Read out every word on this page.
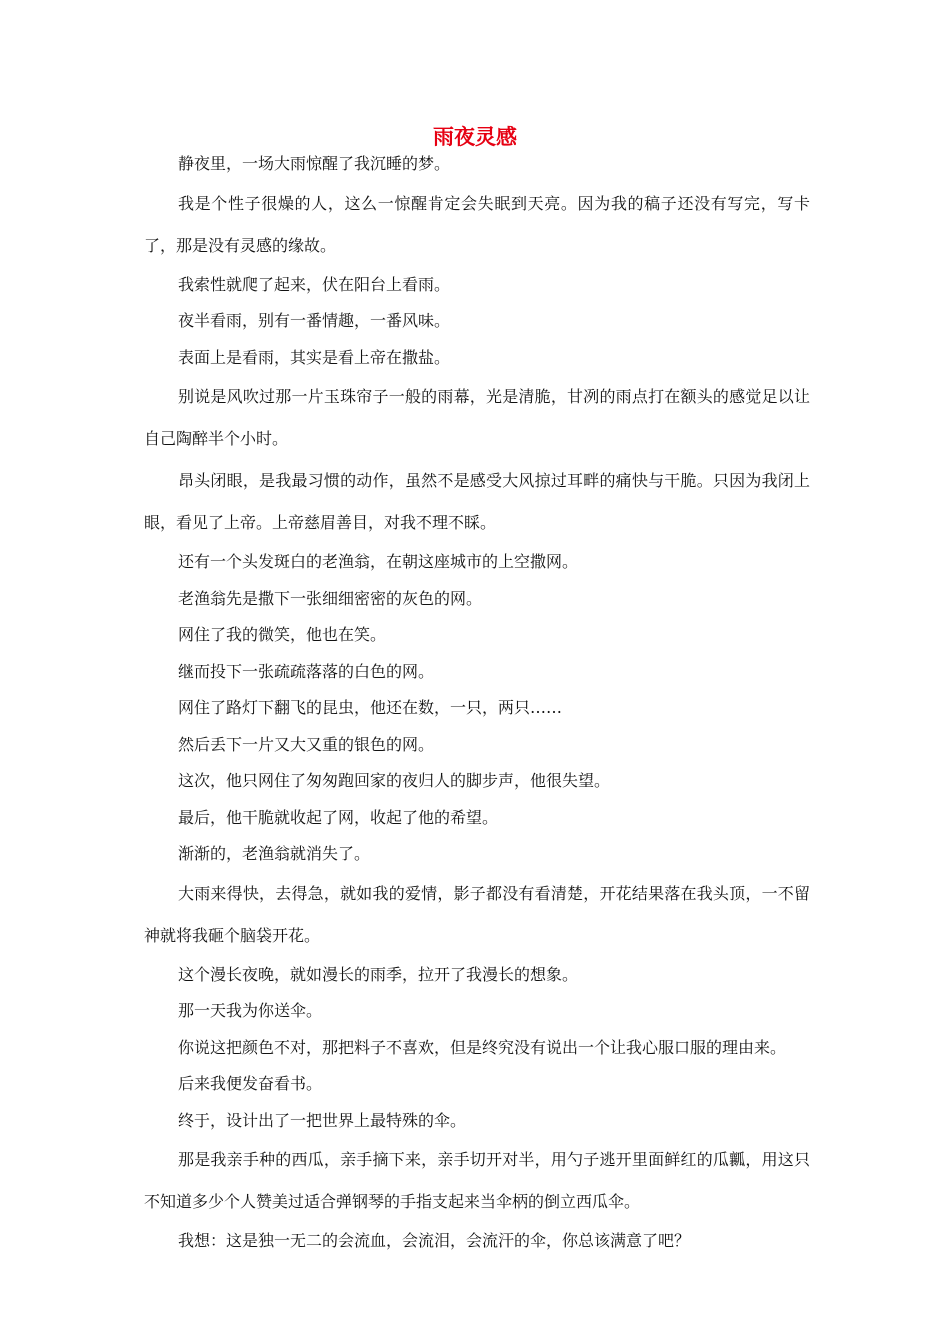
雨夜灵感

静夜里，一场大雨惊醒了我沉睡的梦。

我是个性子很燥的人，这么一惊醒肯定会失眠到天亮。因为我的稿子还没有写完，写卡了，那是没有灵感的缘故。

我索性就爬了起来，伏在阳台上看雨。

夜半看雨，别有一番情趣，一番风味。

表面上是看雨，其实是看上帝在撒盐。

别说是风吹过那一片玉珠帘子一般的雨幕，光是清脆，甘冽的雨点打在额头的感觉足以让自己陶醉半个小时。

昂头闭眼，是我最习惯的动作，虽然不是感受大风掠过耳畔的痛快与干脆。只因为我闭上眼，看见了上帝。上帝慈眉善目，对我不理不睬。

还有一个头发斑白的老渔翁，在朝这座城市的上空撒网。

老渔翁先是撒下一张细细密密的灰色的网。

网住了我的微笑，他也在笑。

继而投下一张疏疏落落的白色的网。

网住了路灯下翻飞的昆虫，他还在数，一只，两只……

然后丢下一片又大又重的银色的网。

这次，他只网住了匆匆跑回家的夜归人的脚步声，他很失望。

最后，他干脆就收起了网，收起了他的希望。

渐渐的，老渔翁就消失了。

大雨来得快，去得急，就如我的爱情，影子都没有看清楚，开花结果落在我头顶，一不留神就将我砸个脑袋开花。

这个漫长夜晚，就如漫长的雨季，拉开了我漫长的想象。

那一天我为你送伞。

你说这把颜色不对，那把料子不喜欢，但是终究没有说出一个让我心服口服的理由来。

后来我便发奋看书。

终于，设计出了一把世界上最特殊的伞。

那是我亲手种的西瓜，亲手摘下来，亲手切开对半，用勺子逃开里面鲜红的瓜瓤，用这只不知道多少个人赞美过适合弹钢琴的手指支起来当伞柄的倒立西瓜伞。

我想：这是独一无二的会流血，会流泪，会流汗的伞，你总该满意了吧？
